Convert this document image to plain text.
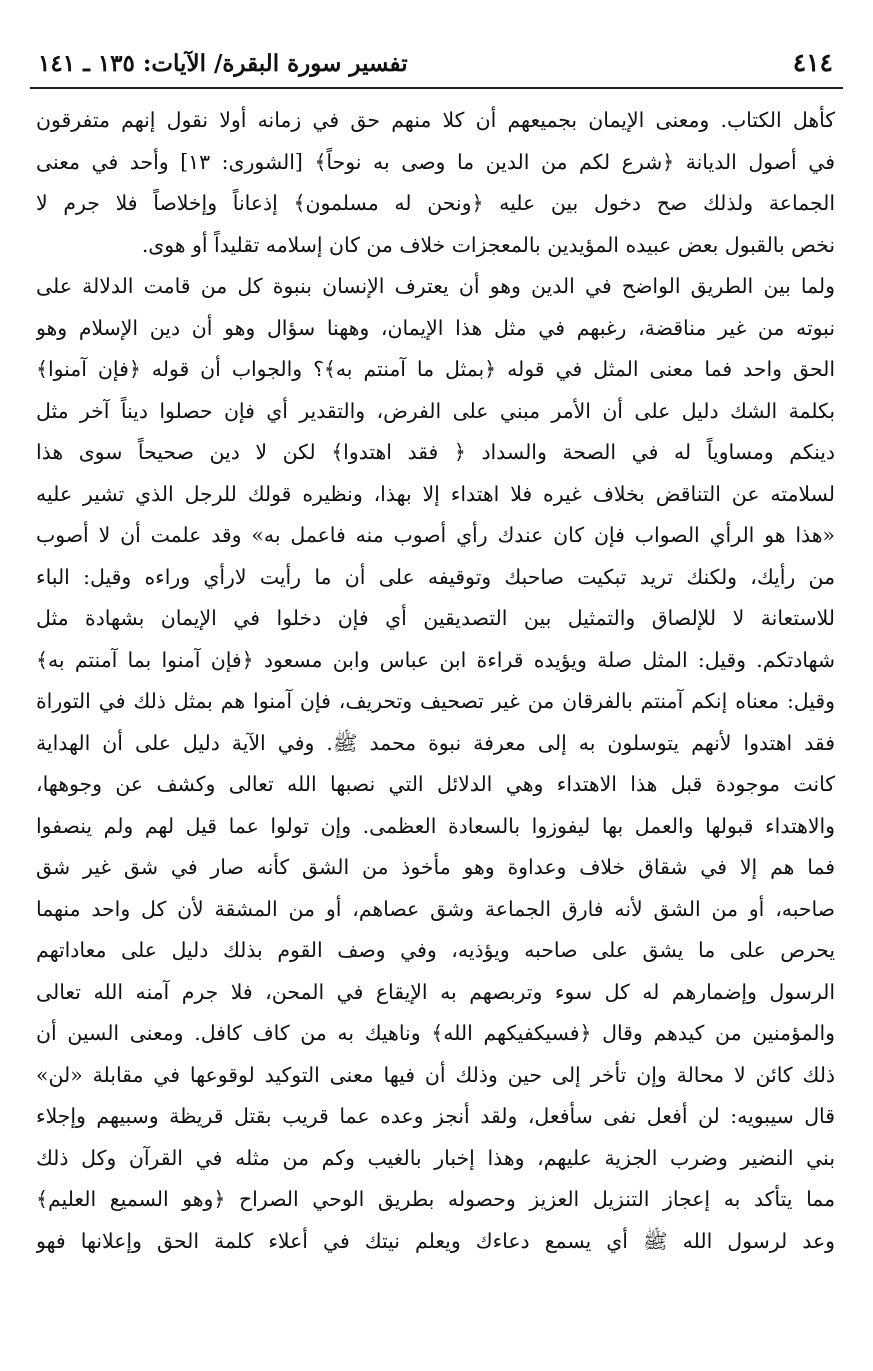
٤١٤
تفسير سورة البقرة/ الآيات: ١٣٥ ـ ١٤١
كأهل الكتاب. ومعنى الإيمان بجميعهم أن كلا منهم حق في زمانه أولا نقول إنهم متفرقون
في أصول الديانة ﴿شرع لكم من الدين ما وصى به نوحاً﴾ [الشورى: ١٣] وأحد في معنى
الجماعة ولذلك صح دخول بين عليه ﴿ونحن له مسلمون﴾ إذعاناً وإخلاصاً فلا جرم لا
نخص بالقبول بعض عبيده المؤيدين بالمعجزات خلاف من كان إسلامه تقليداً أو هوى.
ولما بين الطريق الواضح في الدين وهو أن يعترف الإنسان بنبوة كل من قامت الدلالة على
نبوته من غير مناقضة، رغبهم في مثل هذا الإيمان، وههنا سؤال وهو أن دين الإسلام وهو
الحق واحد فما معنى المثل في قوله ﴿بمثل ما آمنتم به﴾؟ والجواب أن قوله ﴿فإن آمنوا﴾
بكلمة الشك دليل على أن الأمر مبني على الفرض، والتقدير أي فإن حصلوا ديناً آخر مثل
دينكم ومساوياً له في الصحة والسداد ﴿ فقد اهتدوا﴾ لكن لا دين صحيحاً سوى هذا
لسلامته عن التناقض بخلاف غيره فلا اهتداء إلا بهذا، ونظيره قولك للرجل الذي تشير عليه
«هذا هو الرأي الصواب فإن كان عندك رأي أصوب منه فاعمل به» وقد علمت أن لا أصوب
من رأيك، ولكنك تريد تبكيت صاحبك وتوقيفه على أن ما رأيت لارأي وراءه وقيل: الباء
للاستعانة لا للإلصاق والتمثيل بين التصديقين أي فإن دخلوا في الإيمان بشهادة مثل
شهادتكم. وقيل: المثل صلة ويؤيده قراءة ابن عباس وابن مسعود ﴿فإن آمنوا بما آمنتم به﴾
وقيل: معناه إنكم آمنتم بالفرقان من غير تصحيف وتحريف، فإن آمنوا هم بمثل ذلك في التوراة
فقد اهتدوا لأنهم يتوسلون به إلى معرفة نبوة محمد ﷺ. وفي الآية دليل على أن الهداية
كانت موجودة قبل هذا الاهتداء وهي الدلائل التي نصبها الله تعالى وكشف عن وجوهها،
والاهتداء قبولها والعمل بها ليفوزوا بالسعادة العظمى. وإن تولوا عما قيل لهم ولم ينصفوا
فما هم إلا في شقاق خلاف وعداوة وهو مأخوذ من الشق كأنه صار في شق غير شق
صاحبه، أو من الشق لأنه فارق الجماعة وشق عصاهم، أو من المشقة لأن كل واحد منهما
يحرص على ما يشق على صاحبه ويؤذيه، وفي وصف القوم بذلك دليل على معاداتهم
الرسول وإضمارهم له كل سوء وتربصهم به الإيقاع في المحن، فلا جرم آمنه الله تعالى
والمؤمنين من كيدهم وقال ﴿فسيكفيكهم الله﴾ وناهيك به من كاف كافل. ومعنى السين أن
ذلك كائن لا محالة وإن تأخر إلى حين وذلك أن فيها معنى التوكيد لوقوعها في مقابلة «لن»
قال سيبويه: لن أفعل نفى سأفعل، ولقد أنجز وعده عما قريب بقتل قريظة وسبيهم وإجلاء
بني النضير وضرب الجزية عليهم، وهذا إخبار بالغيب وكم من مثله في القرآن وكل ذلك
مما يتأكد به إعجاز التنزيل العزيز وحصوله بطريق الوحي الصراح ﴿وهو السميع العليم﴾
وعد لرسول الله ﷺ أي يسمع دعاءك ويعلم نيتك في أعلاء كلمة الحق وإعلانها فهو
